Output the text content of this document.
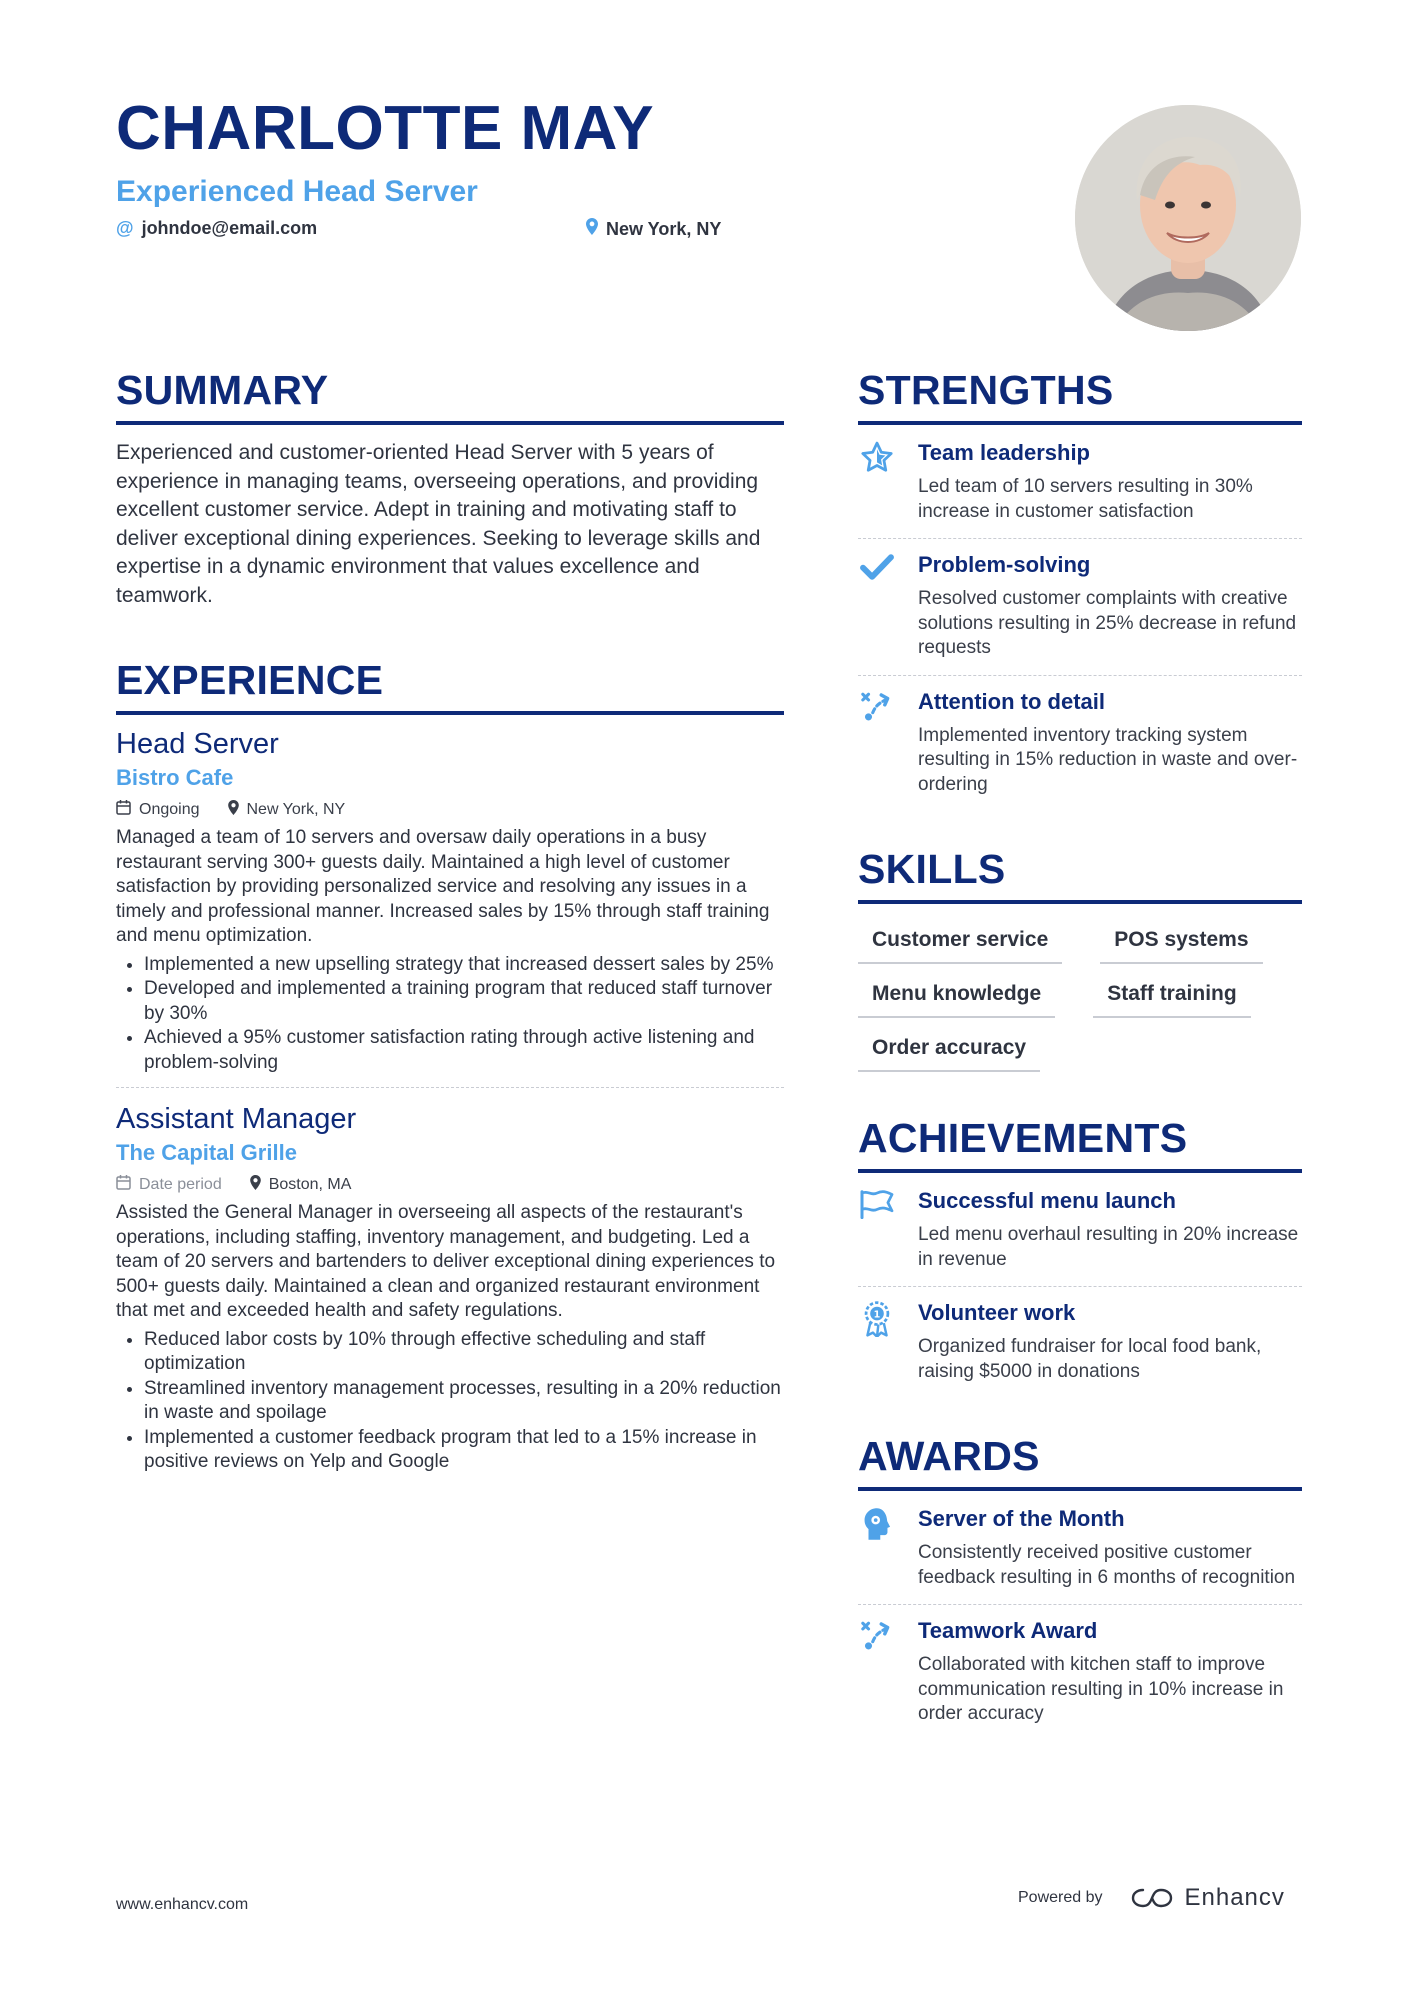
CHARLOTTE MAY
Experienced Head Server
@ johndoe@email.com	New York, NY
SUMMARY
Experienced and customer-oriented Head Server with 5 years of experience in managing teams, overseeing operations, and providing excellent customer service. Adept in training and motivating staff to deliver exceptional dining experiences. Seeking to leverage skills and expertise in a dynamic environment that values excellence and teamwork.
EXPERIENCE
Head Server
Bistro Cafe
Ongoing	New York, NY
Managed a team of 10 servers and oversaw daily operations in a busy restaurant serving 300+ guests daily. Maintained a high level of customer satisfaction by providing personalized service and resolving any issues in a timely and professional manner. Increased sales by 15% through staff training and menu optimization.
• Implemented a new upselling strategy that increased dessert sales by 25%
• Developed and implemented a training program that reduced staff turnover by 30%
• Achieved a 95% customer satisfaction rating through active listening and problem-solving
Assistant Manager
The Capital Grille
Date period	Boston, MA
Assisted the General Manager in overseeing all aspects of the restaurant's operations, including staffing, inventory management, and budgeting. Led a team of 20 servers and bartenders to deliver exceptional dining experiences to 500+ guests daily. Maintained a clean and organized restaurant environment that met and exceeded health and safety regulations.
• Reduced labor costs by 10% through effective scheduling and staff optimization
• Streamlined inventory management processes, resulting in a 20% reduction in waste and spoilage
• Implemented a customer feedback program that led to a 15% increase in positive reviews on Yelp and Google
STRENGTHS
Team leadership
Led team of 10 servers resulting in 30% increase in customer satisfaction
Problem-solving
Resolved customer complaints with creative solutions resulting in 25% decrease in refund requests
Attention to detail
Implemented inventory tracking system resulting in 15% reduction in waste and over-ordering
SKILLS
Customer service	POS systems
Menu knowledge	Staff training
Order accuracy
ACHIEVEMENTS
Successful menu launch
Led menu overhaul resulting in 20% increase in revenue
1 Volunteer work
Organized fundraiser for local food bank, raising $5000 in donations
AWARDS
Server of the Month
Consistently received positive customer feedback resulting in 6 months of recognition
Teamwork Award
Collaborated with kitchen staff to improve communication resulting in 10% increase in order accuracy
www.enhancv.com	Powered by	Enhancv
